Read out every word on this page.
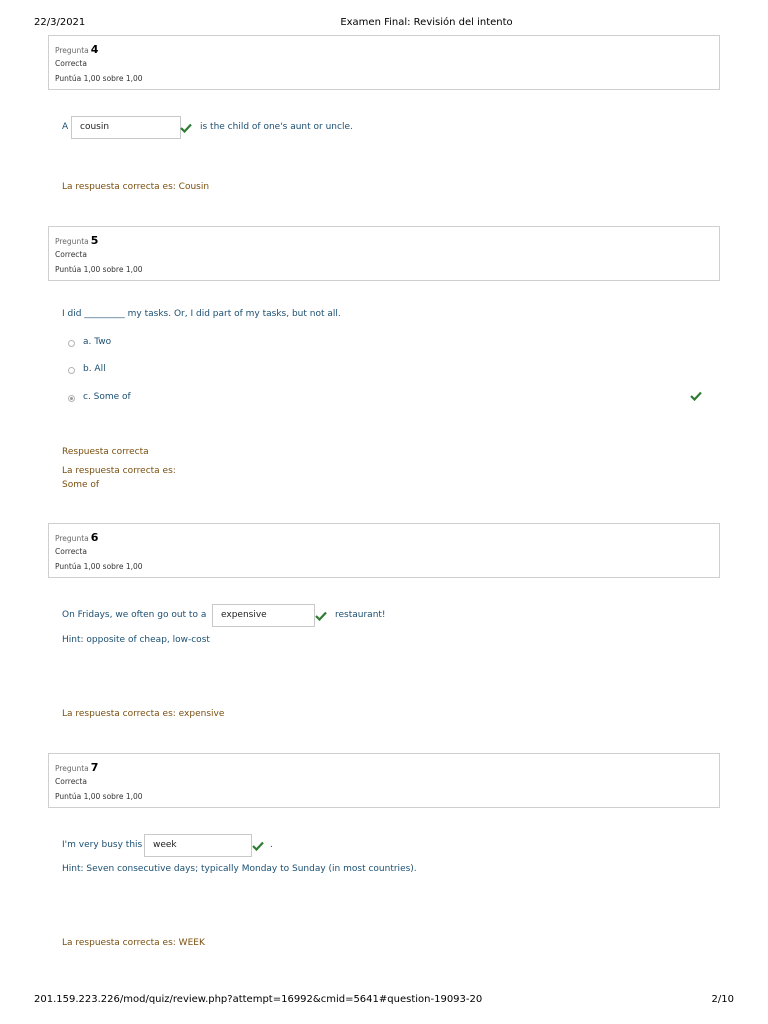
22/3/2021	Examen Final: Revisión del intento
Pregunta 4
Correcta
Puntúa 1,00 sobre 1,00
A	cousin	is the child of one's aunt or uncle.
La respuesta correcta es: Cousin
Pregunta 5
Correcta
Puntúa 1,00 sobre 1,00
I did _________ my tasks. Or, I did part of my tasks, but not all.
a. Two
b. All
c. Some of
Respuesta correcta
La respuesta correcta es:
Some of
Pregunta 6
Correcta
Puntúa 1,00 sobre 1,00
On Fridays, we often go out to a	expensive	restaurant!
Hint: opposite of cheap, low-cost
La respuesta correcta es: expensive
Pregunta 7
Correcta
Puntúa 1,00 sobre 1,00
I'm very busy this	week	.
Hint: Seven consecutive days; typically Monday to Sunday (in most countries).
La respuesta correcta es: WEEK
201.159.223.226/mod/quiz/review.php?attempt=16992&cmid=5641#question-19093-20	2/10
